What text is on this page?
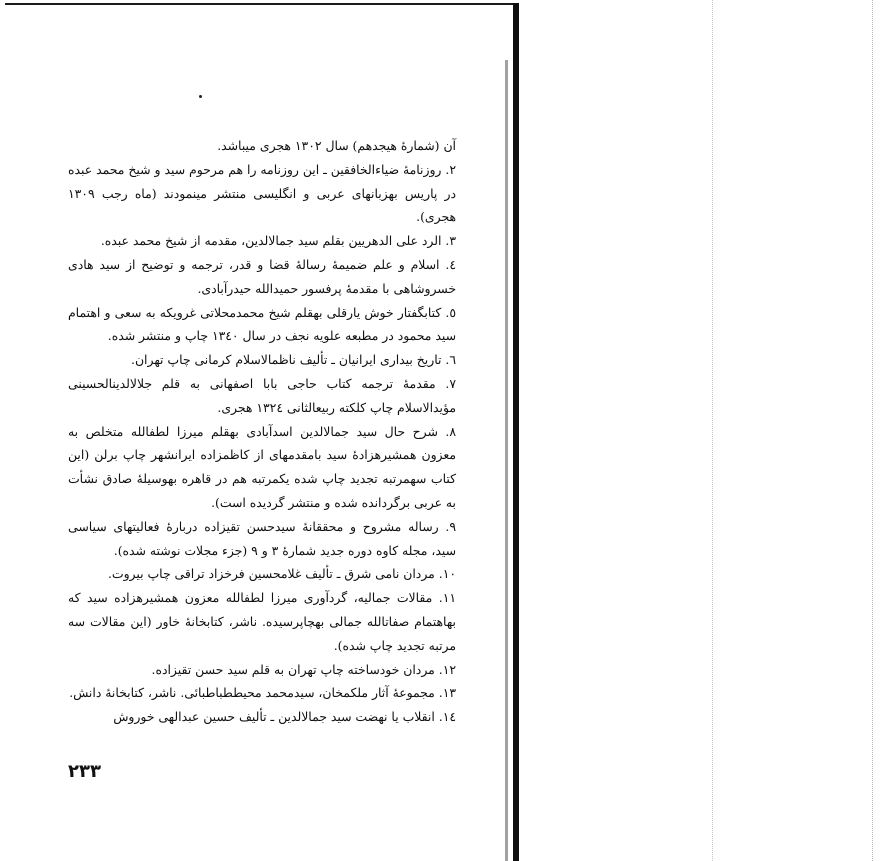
آن (شمارۀ هیجدهم) سال ۱۳۰۲ هجری میباشد.

۲. روزنامۀ ضیاءالخافقین ـ این روزنامه را هم مرحوم سید و شیخ محمد عبده در پاریس بهزبانهای عربی و انگلیسی منتشر مینمودند (ماه رجب ۱۳۰۹ هجری).

۳. الرد علی الدهریین بقلم سید جمالالدین، مقدمه از شیخ محمد عبده.

٤. اسلام و علم ضمیمۀ رسالۀ قضا و قدر، ترجمه و توضیح از سید هادی خسروشاهی با مقدمۀ پرفسور حمیدالله حیدرآبادی.

٥. کتابگفتار خوش یارقلی بهقلم شیخ محمدمحلاتی غرویکه به سعی و اهتمام سید محمود در مطبعه علویه نجف در سال ۱۳٤۰ چاپ و منتشر شده.

٦. تاریخ بیداری ایرانیان ـ تألیف ناظمالاسلام کرمانی چاپ تهران.

۷. مقدمۀ ترجمه کتاب حاجی بابا اصفهانی به قلم جلالالدینالحسینی مؤیدالاسلام چاپ کلکته ربیعالثانی ۱۳۲٤ هجری.

۸. شرح حال سید جمالالدین اسدآبادی بهقلم میرزا لطفالله متخلص به معزون همشیرهزادۀ سید بامقدمهای از کاظمزاده ایرانشهر چاپ برلن (این کتاب سهمرتبه تجدید چاپ شده یکمرتبه هم در قاهره بهوسیلۀ صادق نشأت به عربی برگردانده شده و منتشر گردیده است).

۹. رساله مشروح و محققانۀ سیدحسن تقیزاده دربارۀ فعالیتهای سیاسی سید، مجله کاوه دوره جدید شمارۀ ۳ و ۹ (جزء مجلات نوشته شده).

۱۰. مردان نامی شرق ـ تألیف غلامحسین فرخزاد تراقی چاپ بیروت.

۱۱. مقالات جمالیه، گردآوری میرزا لطفالله معزون همشیرهزاده سید که بهاهتمام صفاتالله جمالی بهچاپرسیده. ناشر، کتابخانۀ خاور (این مقالات سه مرتبه تجدید چاپ شده).

۱۲. مردان خودساخته چاپ تهران به قلم سید حسن تقیزاده.

۱۳. مجموعۀ آثار ملکمخان، سیدمحمد محیططباطبائی. ناشر، کتابخانۀ دانش.

۱٤. انقلاب یا نهضت سید جمالالدین ـ تألیف حسین عبدالهی خوروش

۲۳۳
